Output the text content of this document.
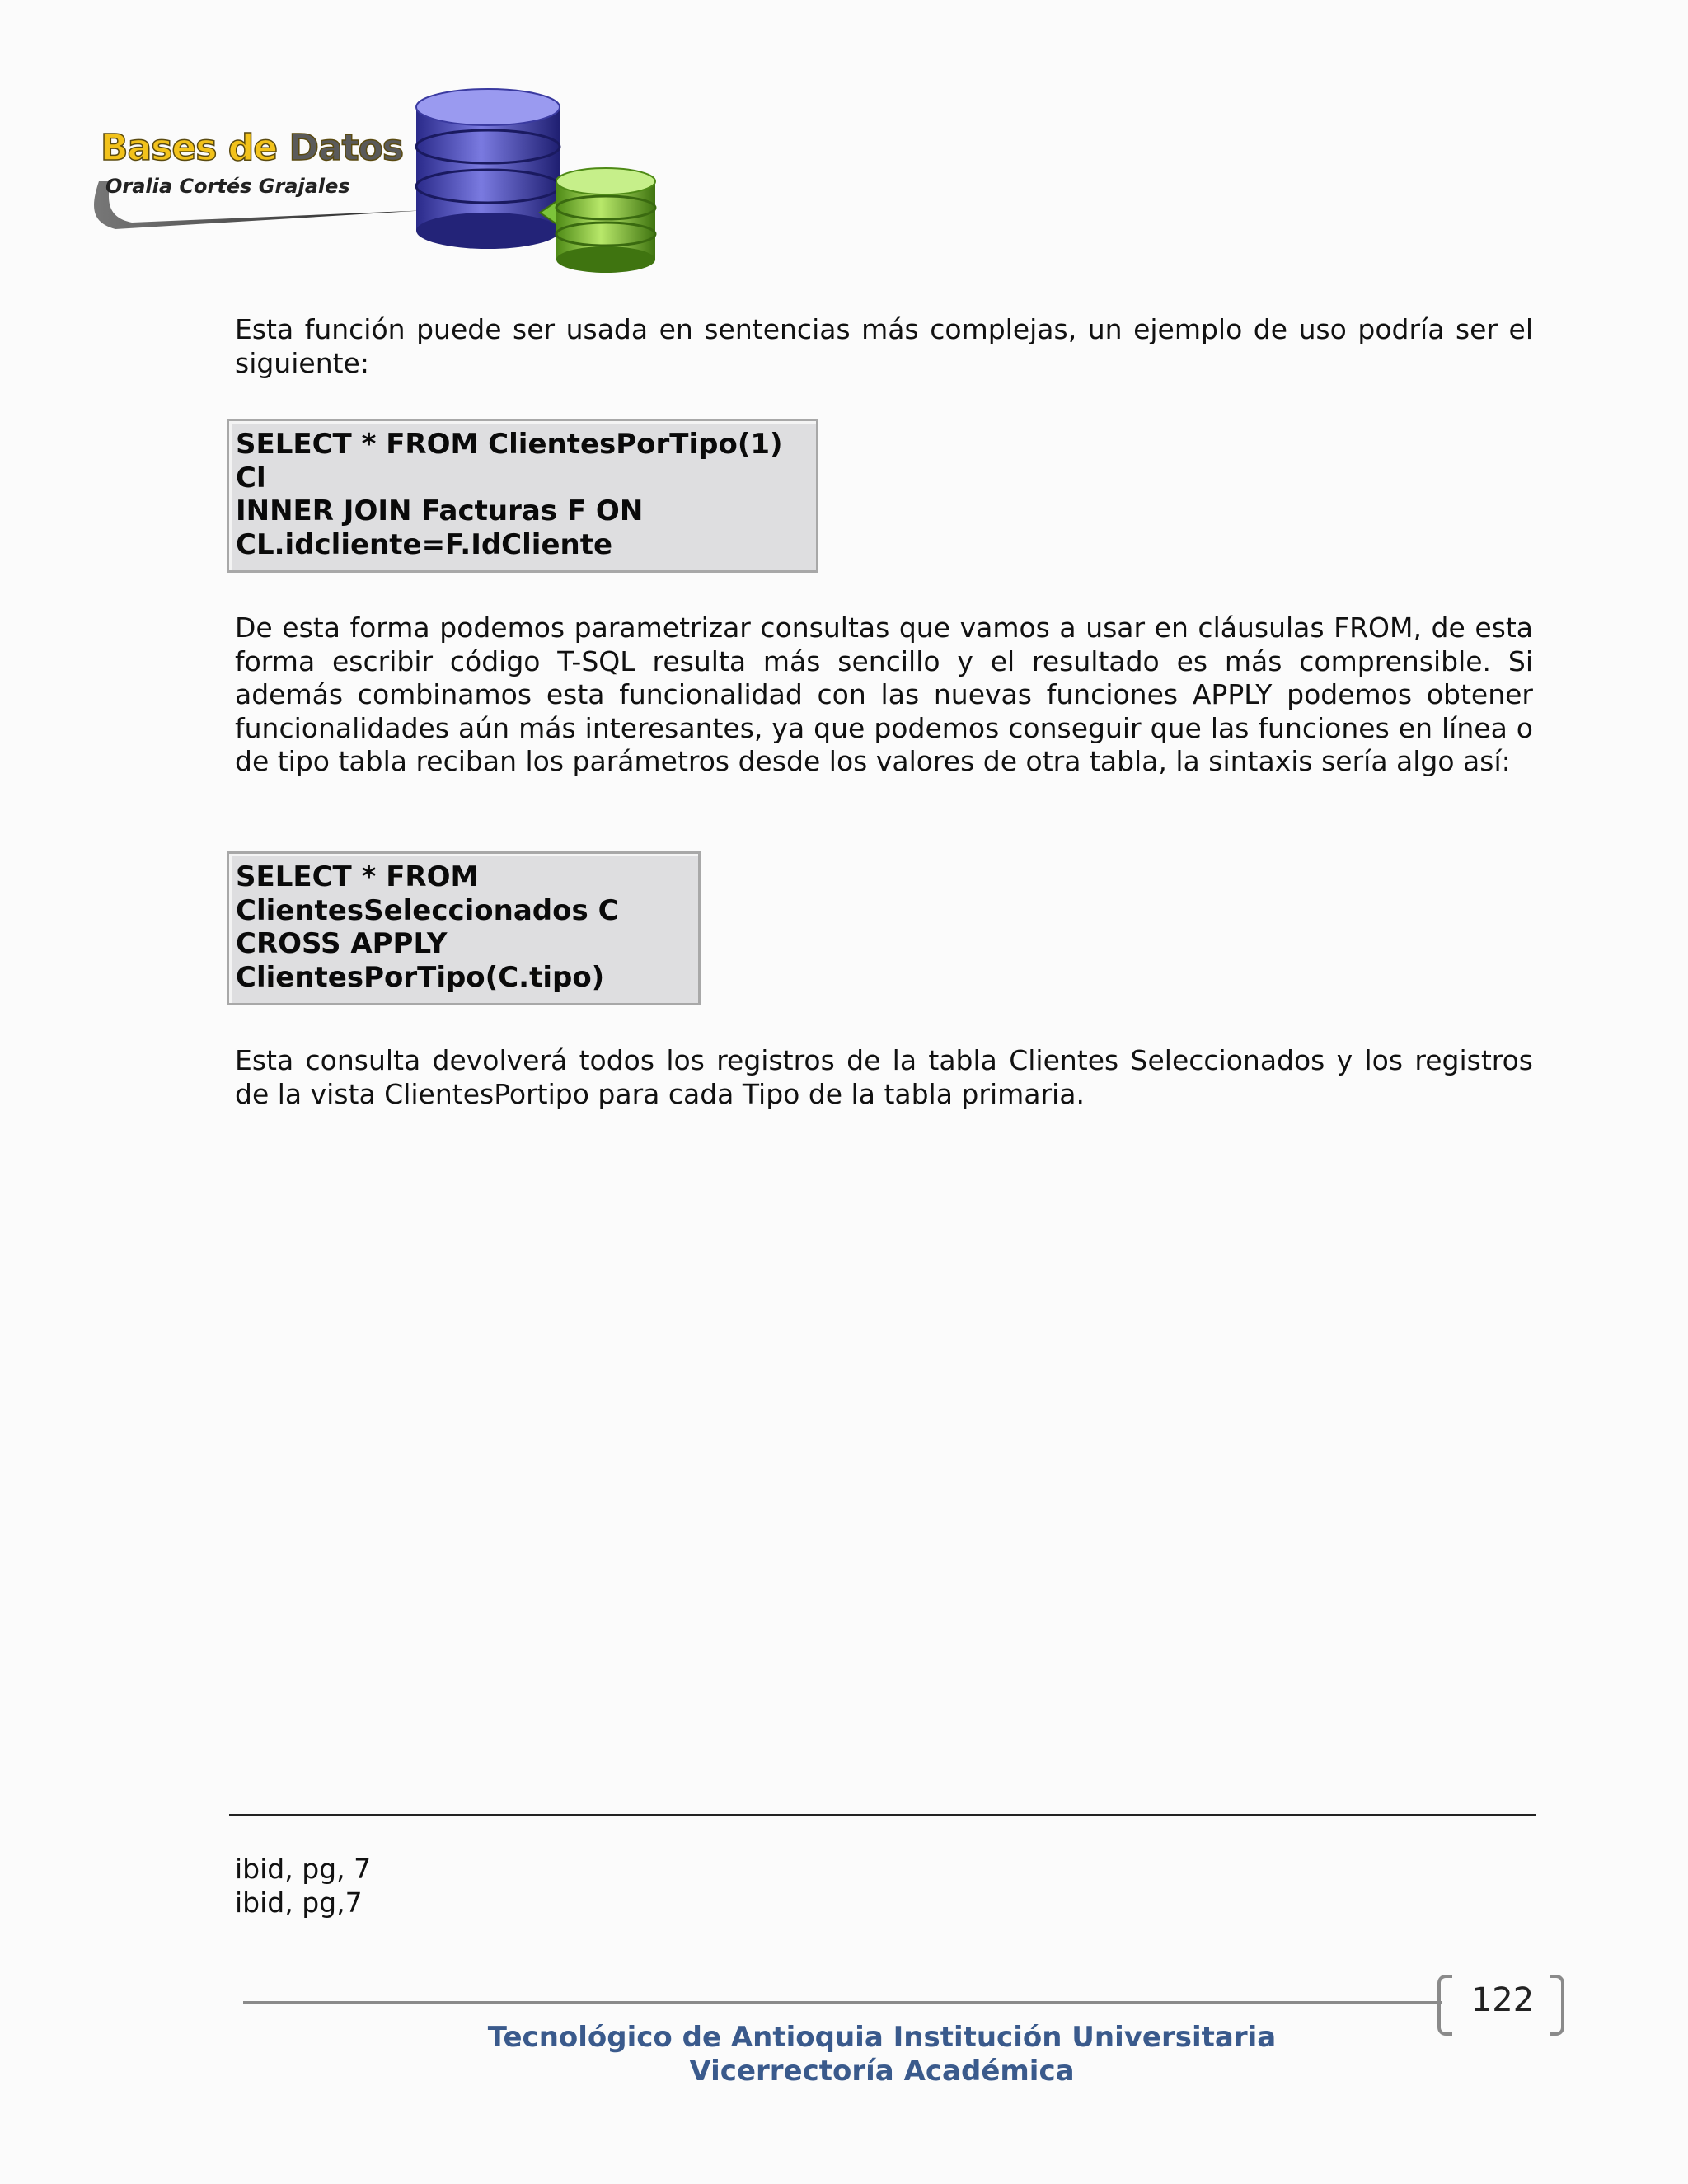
Bases de Datos
Oralia Cortés Grajales

Esta función puede ser usada en sentencias más complejas, un ejemplo de uso podría ser el siguiente:

SELECT * FROM ClientesPorTipo(1)
Cl
INNER JOIN Facturas F ON
CL.idcliente=F.IdCliente

De esta forma podemos parametrizar consultas que vamos a usar en cláusulas FROM, de esta forma escribir código T-SQL resulta más sencillo y el resultado es más comprensible. Si además combinamos esta funcionalidad con las nuevas funciones APPLY podemos obtener funcionalidades aún más interesantes, ya que podemos conseguir que las funciones en línea o de tipo tabla reciban los parámetros desde los valores de otra tabla, la sintaxis sería algo así:

SELECT * FROM
ClientesSeleccionados C
CROSS APPLY
ClientesPorTipo(C.tipo)

Esta consulta devolverá todos los registros de la tabla Clientes Seleccionados y los registros de la vista ClientesPortipo para cada Tipo de la tabla primaria.

ibid, pg, 7
ibid, pg,7
122
Tecnológico de Antioquia Institución Universitaria
Vicerrectoría Académica
